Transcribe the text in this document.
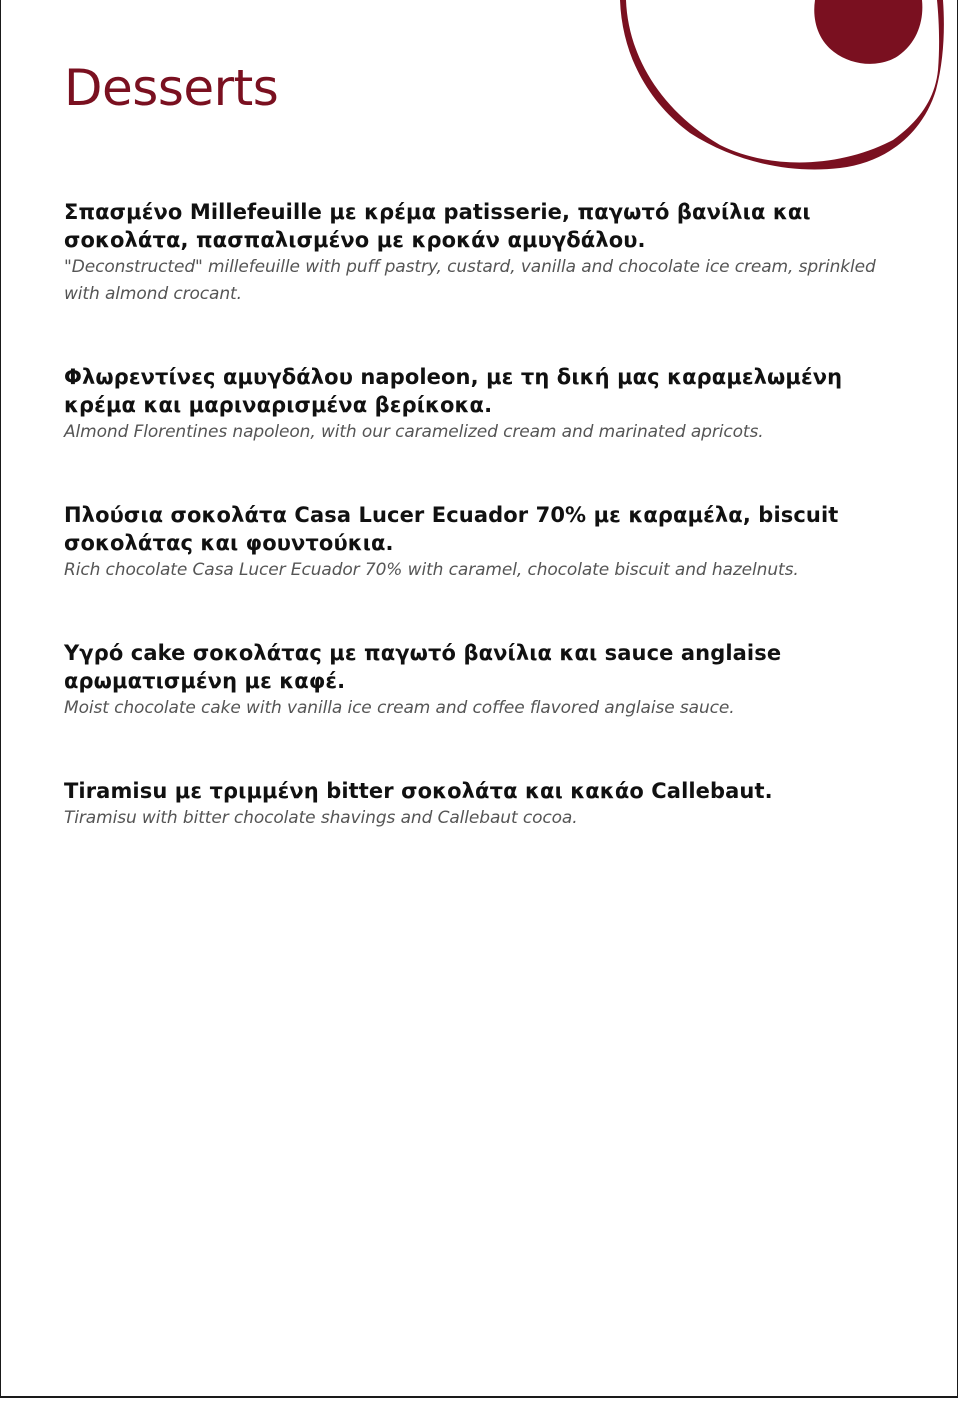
Desserts
Σπασμένο Millefeuille με κρέμα patisserie, παγωτό βανίλια και σοκολάτα, πασπαλισμένο με κροκάν αμυγδάλου.
"Deconstructed" millefeuille with puff pastry, custard, vanilla and chocolate ice cream, sprinkled with almond crocant.
Φλωρεντίνες αμυγδάλου napoleon, με τη δική μας καραμελωμένη κρέμα και μαριναρισμένα βερίκοκα.
Almond Florentines napoleon, with our caramelized cream and marinated apricots.
Πλούσια σοκολάτα Casa Lucer Ecuador 70% με καραμέλα, biscuit σοκολάτας και φουντούκια.
Rich chocolate Casa Lucer Ecuador 70% with caramel, chocolate biscuit and hazelnuts.
Υγρό cake σοκολάτας με παγωτό βανίλια και sauce anglaise αρωματισμένη με καφέ.
Moist chocolate cake with vanilla ice cream and coffee flavored anglaise sauce.
Tiramisu με τριμμένη bitter σοκολάτα και κακάο Callebaut.
Tiramisu with bitter chocolate shavings and Callebaut cocoa.
